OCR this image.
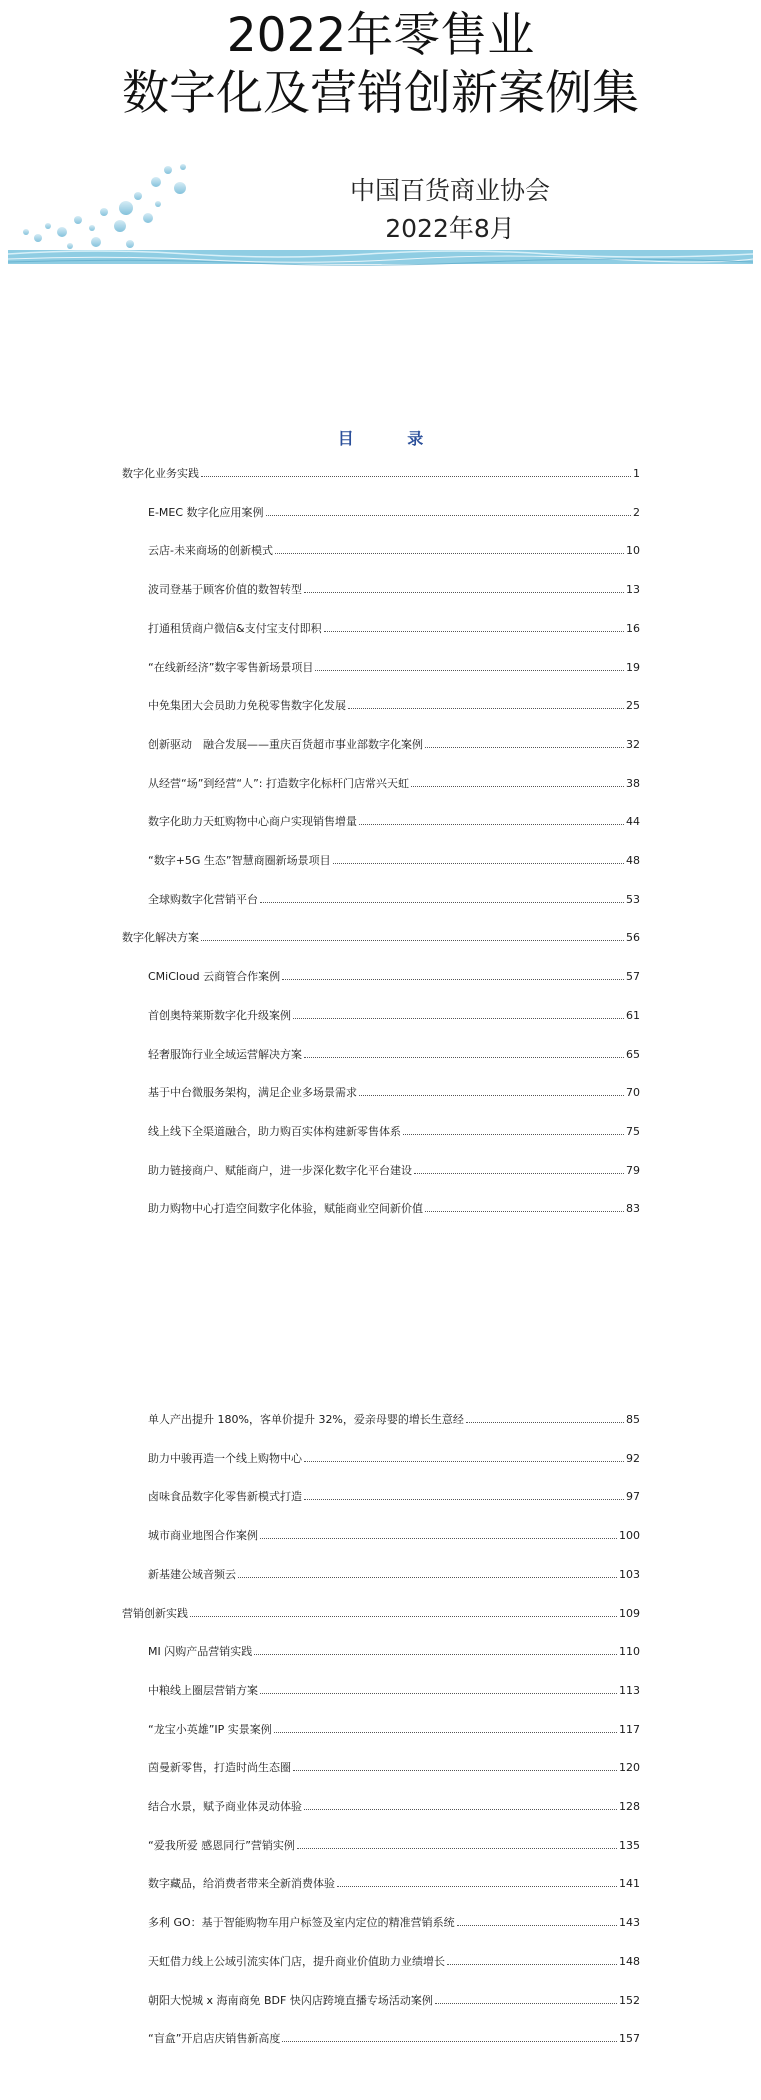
2022年零售业
数字化及营销创新案例集
中国百货商业协会
2022年8月
目 录
数字化业务实践	1
E-MEC 数字化应用案例	2
云店-未来商场的创新模式	10
波司登基于顾客价值的数智转型	13
打通租赁商户微信&支付宝支付即积	16
“在线新经济”数字零售新场景项目	19
中免集团大会员助力免税零售数字化发展	25
创新驱动　融合发展——重庆百货超市事业部数字化案例	32
从经营“场”到经营“人”: 打造数字化标杆门店常兴天虹	38
数字化助力天虹购物中心商户实现销售增量	44
“数字+5G 生态”智慧商圈新场景项目	48
全球购数字化营销平台	53
数字化解决方案	56
CMiCloud 云商管合作案例	57
首创奥特莱斯数字化升级案例	61
轻奢服饰行业全域运营解决方案	65
基于中台微服务架构，满足企业多场景需求	70
线上线下全渠道融合，助力购百实体构建新零售体系	75
助力链接商户、赋能商户，进一步深化数字化平台建设	79
助力购物中心打造空间数字化体验，赋能商业空间新价值	83
单人产出提升 180%，客单价提升 32%，爱亲母婴的增长生意经	85
助力中骏再造一个线上购物中心	92
卤味食品数字化零售新模式打造	97
城市商业地图合作案例	100
新基建公域音频云	103
营销创新实践	109
MI 闪购产品营销实践	110
中粮线上圈层营销方案	113
“龙宝小英雄”IP 实景案例	117
茵曼新零售，打造时尚生态圈	120
结合水景，赋予商业体灵动体验	128
“爱我所爱 感恩同行”营销实例	135
数字藏品，给消费者带来全新消费体验	141
多利 GO：基于智能购物车用户标签及室内定位的精准营销系统	143
天虹借力线上公域引流实体门店，提升商业价值助力业绩增长	148
朝阳大悦城 x 海南商免 BDF 快闪店跨境直播专场活动案例	152
“盲盒”开启店庆销售新高度	157
